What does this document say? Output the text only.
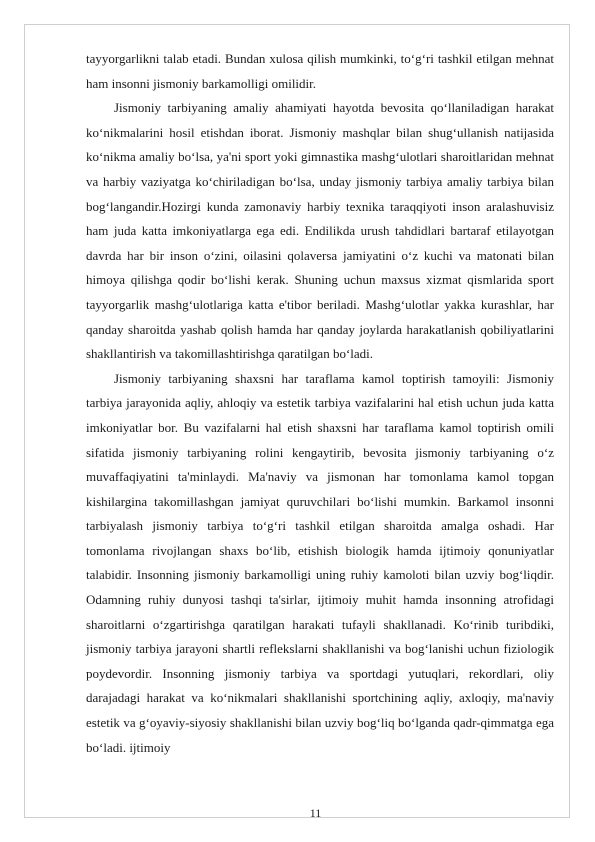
tayyorgarlikni talab etadi. Bundan xulosa qilish mumkinki, to‘g‘ri tashkil etilgan mehnat ham insonni jismoniy barkamolligi omilidir.

Jismoniy tarbiyaning amaliy ahamiyati hayotda bevosita qo‘llaniladigan harakat ko‘nikmalarini hosil etishdan iborat. Jismoniy mashqlar bilan shug‘ullanish natijasida ko‘nikma amaliy bo‘lsa, ya'ni sport yoki gimnastika mashg‘ulotlari sharoitlaridan mehnat va harbiy vaziyatga ko‘chiriladigan bo‘lsa, unday jismoniy tarbiya amaliy tarbiya bilan bog‘langandir.Hozirgi kunda zamonaviy harbiy texnika taraqqiyoti inson aralashuvisiz ham juda katta imkoniyatlarga ega edi. Endilikda urush tahdidlari bartaraf etilayotgan davrda har bir inson o‘zini, oilasini qolaversa jamiyatini o‘z kuchi va matonati bilan himoya qilishga qodir bo‘lishi kerak. Shuning uchun maxsus xizmat qismlarida sport tayyorgarlik mashg‘ulotlariga katta e'tibor beriladi. Mashg‘ulotlar yakka kurashlar, har qanday sharoitda yashab qolish hamda har qanday joylarda harakatlanish qobiliyatlarini shakllantirish va takomillashtirishga qaratilgan bo‘ladi.

Jismoniy tarbiyaning shaxsni har taraflama kamol toptirish tamoyili: Jismoniy tarbiya jarayonida aqliy, ahloqiy va estetik tarbiya vazifalarini hal etish uchun juda katta imkoniyatlar bor. Bu vazifalarni hal etish shaxsni har taraflama kamol toptirish omili sifatida jismoniy tarbiyaning rolini kengaytirib, bevosita jismoniy tarbiyaning o‘z muvaffaqiyatini ta'minlaydi. Ma'naviy va jismonan har tomonlama kamol topgan kishilargina takomillashgan jamiyat quruvchilari bo‘lishi mumkin. Barkamol insonni tarbiyalash jismoniy tarbiya to‘g‘ri tashkil etilgan sharoitda amalga oshadi. Har tomonlama rivojlangan shaxs bo‘lib, etishish biologik hamda ijtimoiy qonuniyatlar talabidir. Insonning jismoniy barkamolligi uning ruhiy kamoloti bilan uzviy bog‘liqdir. Odamning ruhiy dunyosi tashqi ta'sirlar, ijtimoiy muhit hamda insonning atrofidagi sharoitlarni o‘zgartirishga qaratilgan harakati tufayli shakllanadi. Ko‘rinib turibdiki, jismoniy tarbiya jarayoni shartli reflekslarni shakllanishi va bog‘lanishi uchun fiziologik poydevordir. Insonning jismoniy tarbiya va sportdagi yutuqlari, rekordlari, oliy darajadagi harakat va ko‘nikmalari shakllanishi sportchining aqliy, axloqiy, ma'naviy estetik va g‘oyaviy-siyosiy shakllanishi bilan uzviy bog‘liq bo‘lganda qadr-qimmatga ega bo‘ladi. ijtimoiy

11
